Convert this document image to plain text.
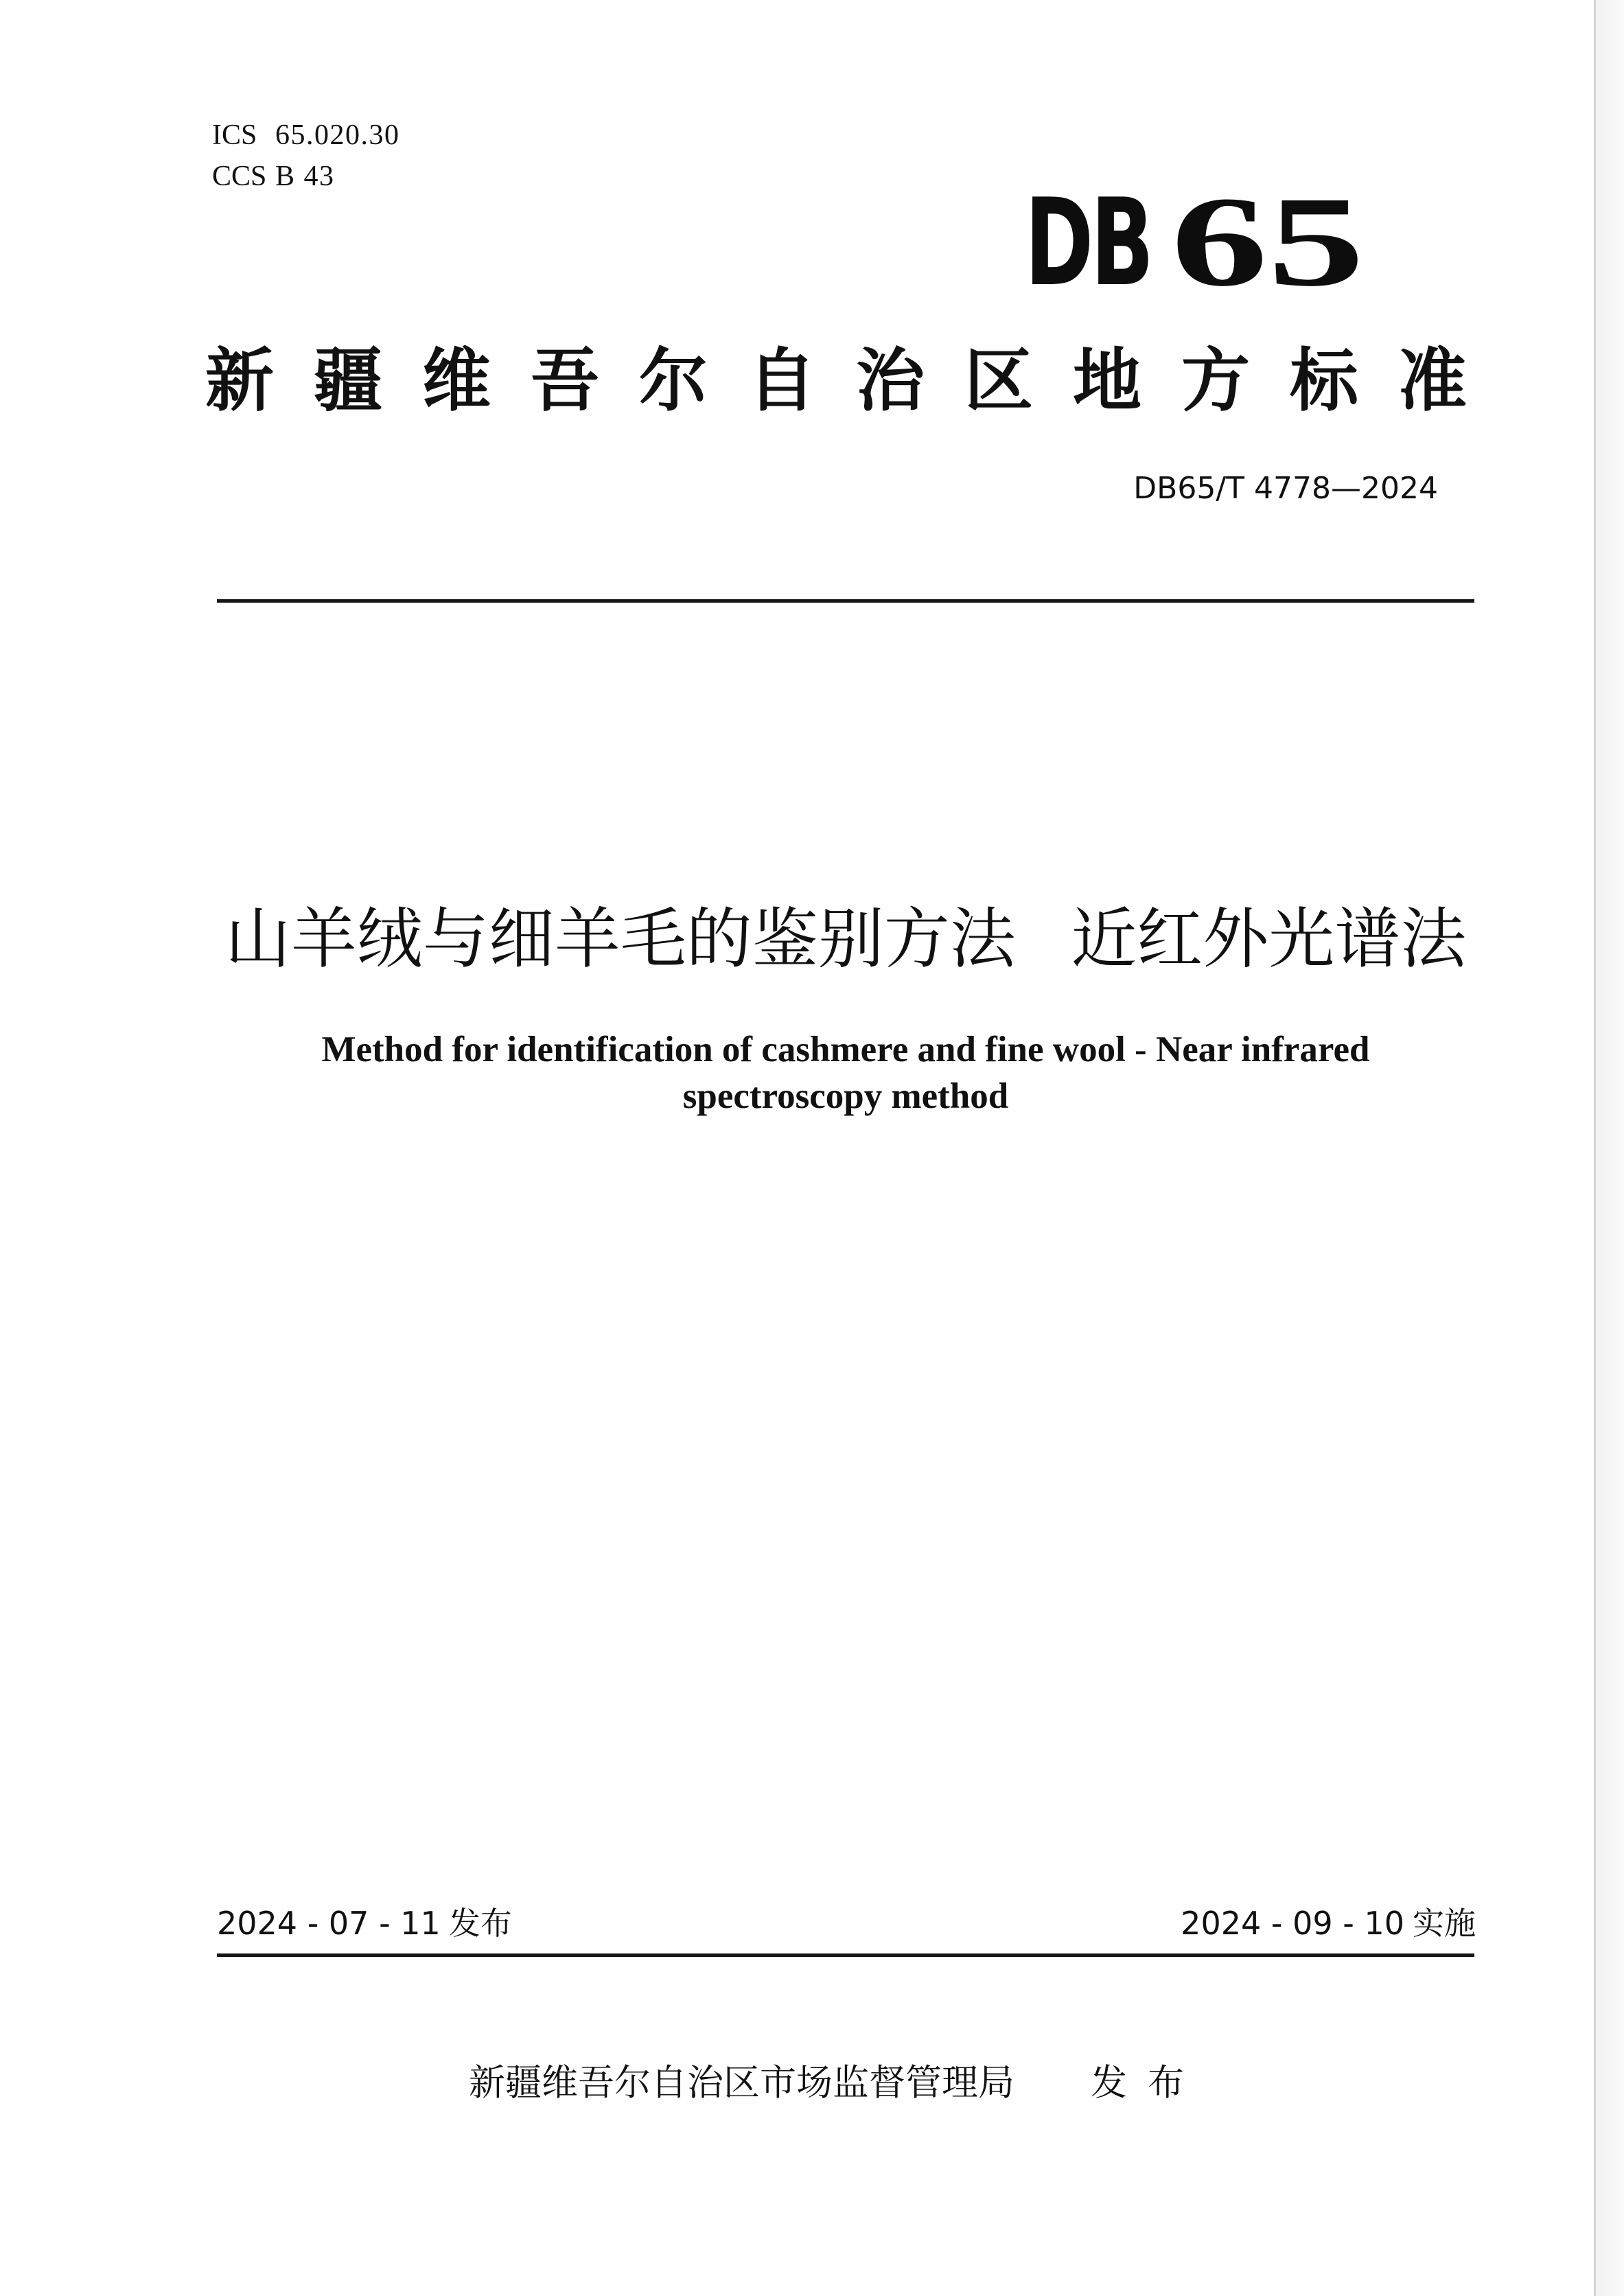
ICS 65.020.30
CCS B 43	DB 65
新疆维吾尔自治区地方标准
DB65/T 4778—2024
山羊绒与细羊毛的鉴别方法 近红外光谱法
Method for identification of cashmere and fine wool - Near infrared
spectroscopy method
2024 - 07 - 11 发布	2024 - 09 - 10 实施
新疆维吾尔自治区市场监督管理局 发布
